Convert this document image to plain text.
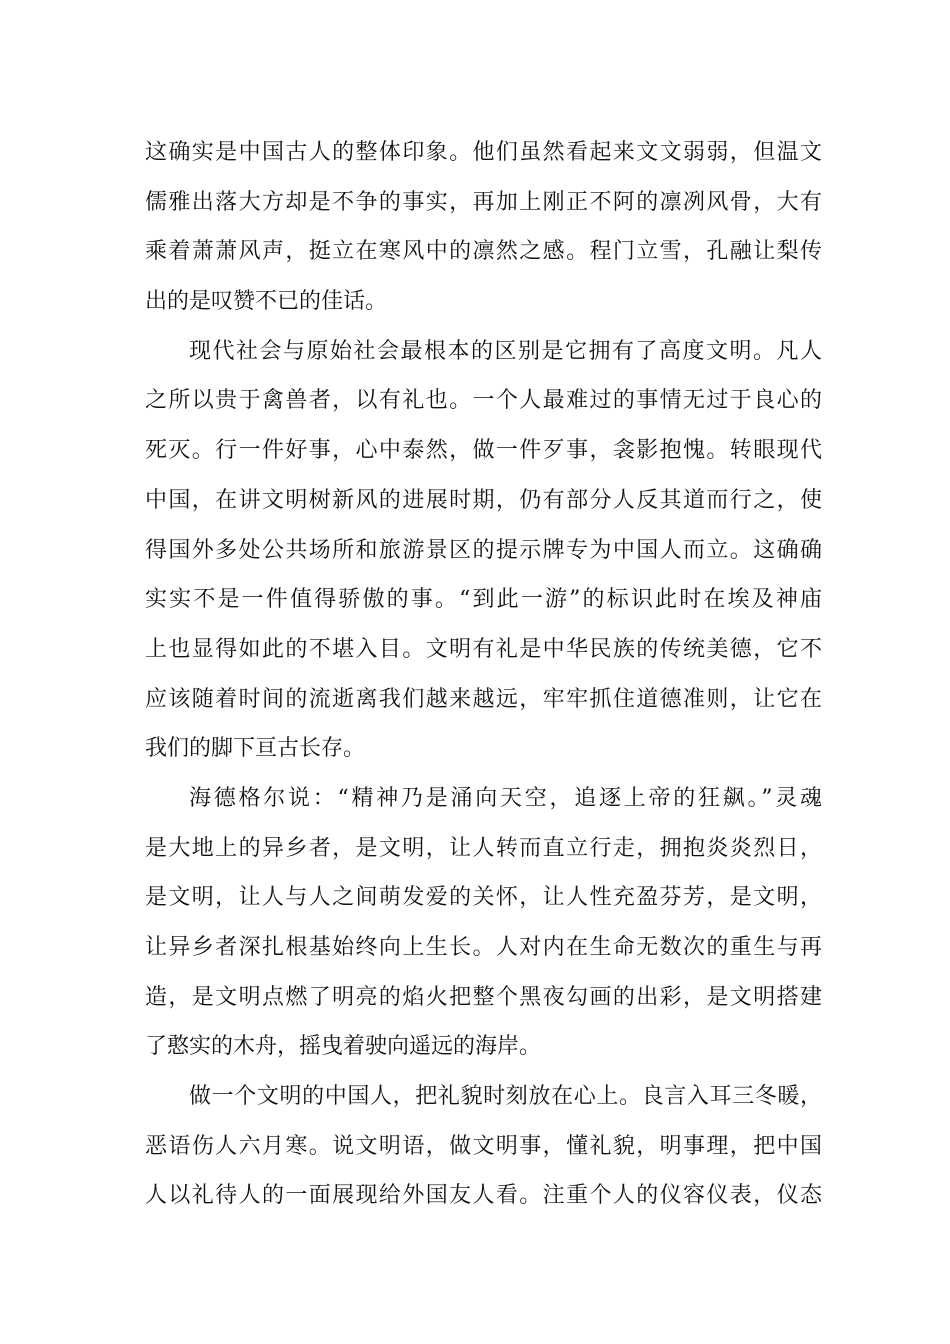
这确实是中国古人的整体印象。他们虽然看起来文文弱弱，但温文
儒雅出落大方却是不争的事实，再加上刚正不阿的凛冽风骨，大有
乘着萧萧风声，挺立在寒风中的凛然之感。程门立雪，孔融让梨传
出的是叹赞不已的佳话。
现代社会与原始社会最根本的区别是它拥有了高度文明。凡人
之所以贵于禽兽者，以有礼也。一个人最难过的事情无过于良心的
死灭。行一件好事，心中泰然，做一件歹事，衾影抱愧。转眼现代
中国，在讲文明树新风的进展时期，仍有部分人反其道而行之，使
得国外多处公共场所和旅游景区的提示牌专为中国人而立。这确确
实实不是一件值得骄傲的事。“到此一游”的标识此时在埃及神庙
上也显得如此的不堪入目。文明有礼是中华民族的传统美德，它不
应该随着时间的流逝离我们越来越远，牢牢抓住道德准则，让它在
我们的脚下亘古长存。
海德格尔说：“精神乃是涌向天空，追逐上帝的狂飙。”灵魂
是大地上的异乡者，是文明，让人转而直立行走，拥抱炎炎烈日，
是文明，让人与人之间萌发爱的关怀，让人性充盈芬芳，是文明，
让异乡者深扎根基始终向上生长。人对内在生命无数次的重生与再
造，是文明点燃了明亮的焰火把整个黑夜勾画的出彩，是文明搭建
了憨实的木舟，摇曳着驶向遥远的海岸。
做一个文明的中国人，把礼貌时刻放在心上。良言入耳三冬暖，
恶语伤人六月寒。说文明语，做文明事，懂礼貌，明事理，把中国
人以礼待人的一面展现给外国友人看。注重个人的仪容仪表，仪态
